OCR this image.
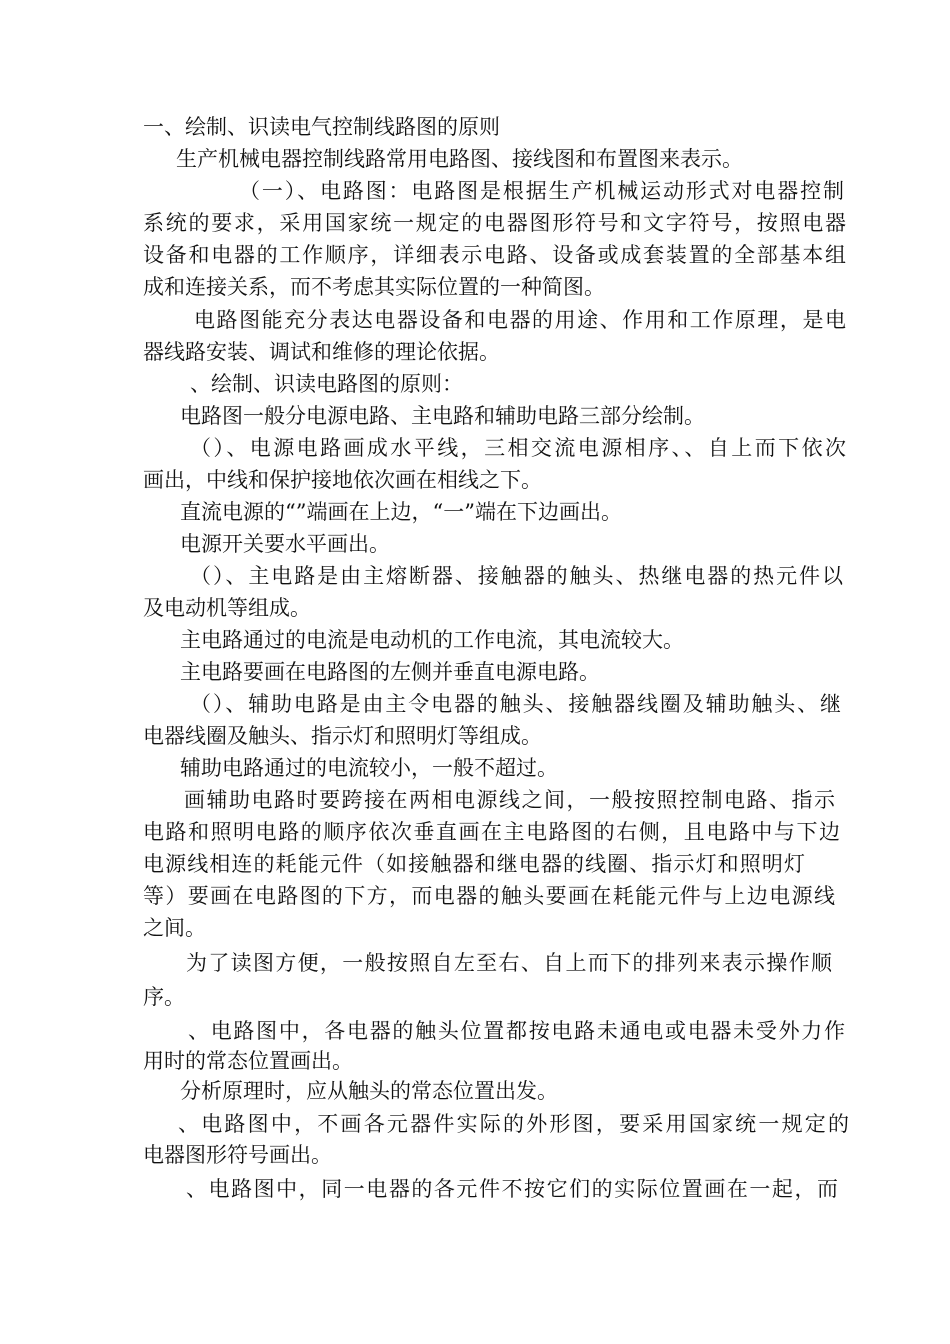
一、绘制、识读电气控制线路图的原则
生产机械电器控制线路常用电路图、接线图和布置图来表示。
（一）、电路图：电路图是根据生产机械运动形式对电器控制
系统的要求，采用国家统一规定的电器图形符号和文字符号，按照电器
设备和电器的工作顺序，详细表示电路、设备或成套装置的全部基本组
成和连接关系，而不考虑其实际位置的一种简图。
电路图能充分表达电器设备和电器的用途、作用和工作原理，是电
器线路安装、调试和维修的理论依据。
、绘制、识读电路图的原则：
电路图一般分电源电路、主电路和辅助电路三部分绘制。
（）、电源电路画成水平线，三相交流电源相序、、自上而下依次
画出，中线和保护接地依次画在相线之下。
直流电源的“”端画在上边，“一”端在下边画出。
电源开关要水平画出。
（）、主电路是由主熔断器、接触器的触头、热继电器的热元件以
及电动机等组成。
主电路通过的电流是电动机的工作电流，其电流较大。
主电路要画在电路图的左侧并垂直电源电路。
（）、辅助电路是由主令电器的触头、接触器线圈及辅助触头、继
电器线圈及触头、指示灯和照明灯等组成。
辅助电路通过的电流较小，一般不超过。
画辅助电路时要跨接在两相电源线之间，一般按照控制电路、指示
电路和照明电路的顺序依次垂直画在主电路图的右侧，且电路中与下边
电源线相连的耗能元件（如接触器和继电器的线圈、指示灯和照明灯
等）要画在电路图的下方，而电器的触头要画在耗能元件与上边电源线
之间。
为了读图方便，一般按照自左至右、自上而下的排列来表示操作顺
序。
、电路图中，各电器的触头位置都按电路未通电或电器未受外力作
用时的常态位置画出。
分析原理时，应从触头的常态位置出发。
、电路图中，不画各元器件实际的外形图，要采用国家统一规定的
电器图形符号画出。
、电路图中，同一电器的各元件不按它们的实际位置画在一起，而
